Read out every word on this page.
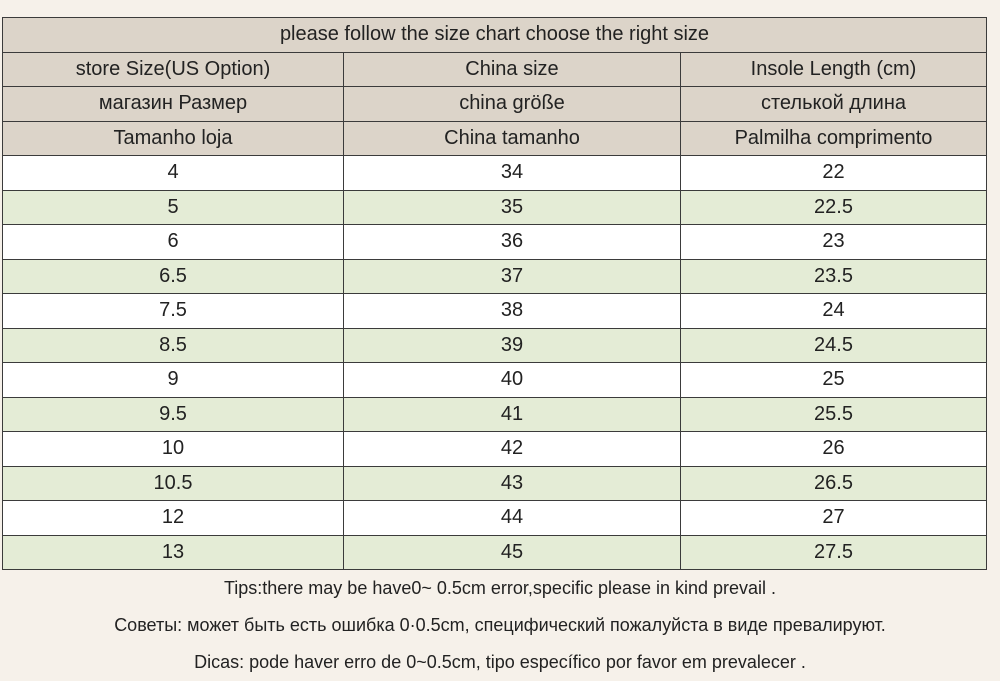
please follow the size chart choose the right size		
store Size(US Option)	China size	Insole Length (cm)
магазин Размер	china größe	стелькой длина
Tamanho loja	China tamanho	Palmilha comprimento
4	34	22
5	35	22.5
6	36	23
6.5	37	23.5
7.5	38	24
8.5	39	24.5
9	40	25
9.5	41	25.5
10	42	26
10.5	43	26.5
12	44	27
13	45	27.5
Tips:there may be have0~ 0.5cm error,specific please in kind prevail .
Советы: может быть есть ошибка 0·0.5cm, специфический пожалуйста в виде превалируют.
Dicas: pode haver erro de 0~0.5cm, tipo específico por favor em prevalecer .
